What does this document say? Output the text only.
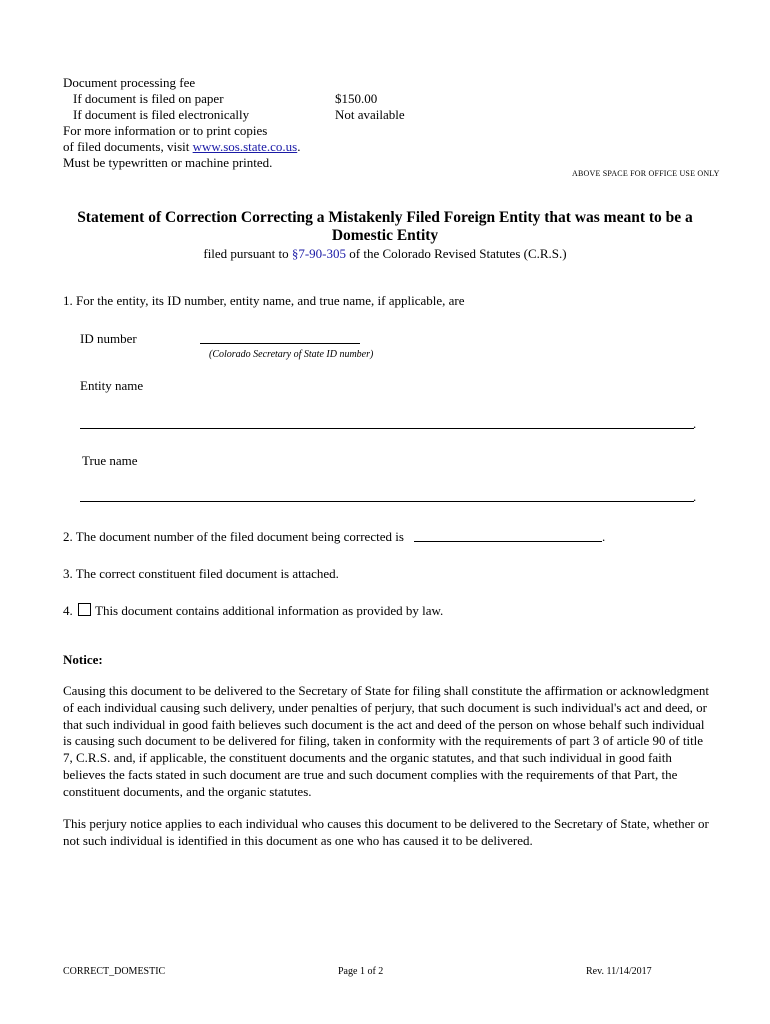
Document processing fee
If document is filed on paper	$150.00
If document is filed electronically	Not available
For more information or to print copies
of filed documents, visit www.sos.state.co.us.
Must be typewritten or machine printed.
ABOVE SPACE FOR OFFICE USE ONLY
Statement of Correction Correcting a Mistakenly Filed Foreign Entity that was meant to be a
Domestic Entity
filed pursuant to §7-90-305 of the Colorado Revised Statutes (C.R.S.)
1. For the entity, its ID number, entity name, and true name, if applicable, are
ID number
(Colorado Secretary of State ID number)
Entity name
.
True name
.
2. The document number of the filed document being corrected is	.
3. The correct constituent filed document is attached.
4. This document contains additional information as provided by law.
Notice:
Causing this document to be delivered to the Secretary of State for filing shall constitute the affirmation or acknowledgment of each individual causing such delivery, under penalties of perjury, that such document is such individual's act and deed, or that such individual in good faith believes such document is the act and deed of the person on whose behalf such individual is causing such document to be delivered for filing, taken in conformity with the requirements of part 3 of article 90 of title 7, C.R.S. and, if applicable, the constituent documents and the organic statutes, and that such individual in good faith believes the facts stated in such document are true and such document complies with the requirements of that Part, the constituent documents, and the organic statutes.
This perjury notice applies to each individual who causes this document to be delivered to the Secretary of State, whether or not such individual is identified in this document as one who has caused it to be delivered.
CORRECT_DOMESTIC	Page 1 of 2	Rev. 11/14/2017
